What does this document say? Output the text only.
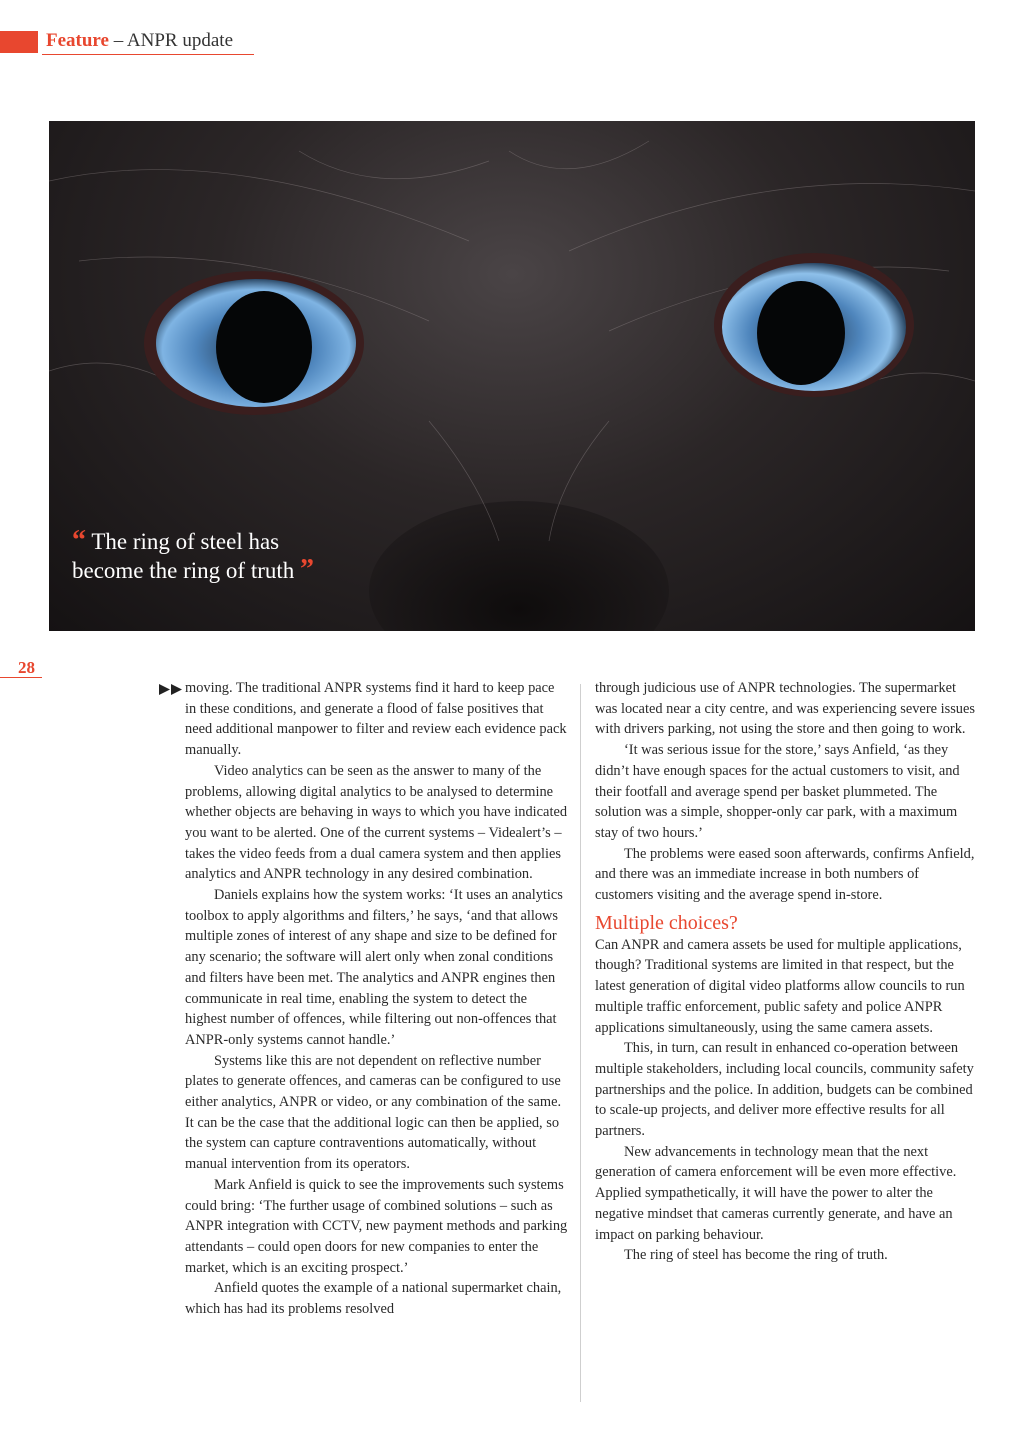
Feature – ANPR update
“ The ring of steel has become the ring of truth ”
28

moving. The traditional ANPR systems find it hard to keep pace in these conditions, and generate a flood of false positives that need additional manpower to filter and review each evidence pack manually.

Video analytics can be seen as the answer to many of the problems, allowing digital analytics to be analysed to determine whether objects are behaving in ways to which you have indicated you want to be alerted. One of the current systems – Videalert’s – takes the video feeds from a dual camera system and then applies analytics and ANPR technology in any desired combination.

Daniels explains how the system works: ‘It uses an analytics toolbox to apply algorithms and filters,’ he says, ‘and that allows multiple zones of interest of any shape and size to be defined for any scenario; the software will alert only when zonal conditions and filters have been met. The analytics and ANPR engines then communicate in real time, enabling the system to detect the highest number of offences, while filtering out non-offences that ANPR-only systems cannot handle.’

Systems like this are not dependent on reflective number plates to generate offences, and cameras can be configured to use either analytics, ANPR or video, or any combination of the same. It can be the case that the additional logic can then be applied, so the system can capture contraventions automatically, without manual intervention from its operators.

Mark Anfield is quick to see the improvements such systems could bring: ‘The further usage of combined solutions – such as ANPR integration with CCTV, new payment methods and parking attendants – could open doors for new companies to enter the market, which is an exciting prospect.’

Anfield quotes the example of a national supermarket chain, which has had its problems resolved

through judicious use of ANPR technologies. The supermarket was located near a city centre, and was experiencing severe issues with drivers parking, not using the store and then going to work.

‘It was serious issue for the store,’ says Anfield, ‘as they didn’t have enough spaces for the actual customers to visit, and their footfall and average spend per basket plummeted. The solution was a simple, shopper-only car park, with a maximum stay of two hours.’

The problems were eased soon afterwards, confirms Anfield, and there was an immediate increase in both numbers of customers visiting and the average spend in-store.

Multiple choices?

Can ANPR and camera assets be used for multiple applications, though? Traditional systems are limited in that respect, but the latest generation of digital video platforms allow councils to run multiple traffic enforcement, public safety and police ANPR applications simultaneously, using the same camera assets.

This, in turn, can result in enhanced co-operation between multiple stakeholders, including local councils, community safety partnerships and the police. In addition, budgets can be combined to scale-up projects, and deliver more effective results for all partners.

New advancements in technology mean that the next generation of camera enforcement will be even more effective. Applied sympathetically, it will have the power to alter the negative mindset that cameras currently generate, and have an impact on parking behaviour.

The ring of steel has become the ring of truth.
